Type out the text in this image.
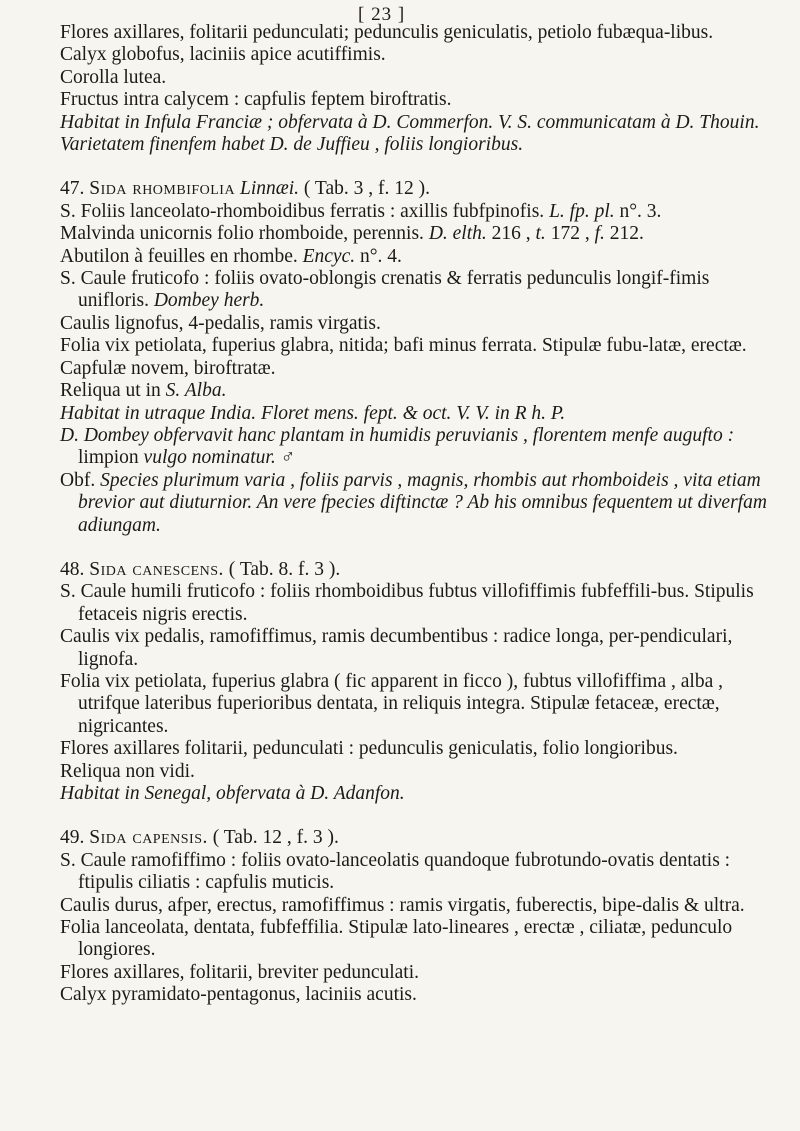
[ 23 ]
Flores axillares, folitarii pedunculati; pedunculis geniculatis, petiolo fubæqua-libus.
Calyx globofus, laciniis apice acutiffimis.
Corolla lutea.
Fructus intra calycem : capfulis feptem biroftratis.
Habitat in Infula Franciæ ; obfervata à D. Commerfon. V. S. communicatam à D. Thouin.
Varietatem finenfem habet D. de Juffieu , foliis longioribus.
47. Sida rhombifolia Linnæi. ( Tab. 3 , f. 12 ).
S. Foliis lanceolato-rhomboidibus ferratis : axillis fubfpinofis. L. fp. pl. n°. 3.
Malvinda unicornis folio rhomboide, perennis. D. elth. 216 , t. 172 , f. 212.
Abutilon à feuilles en rhombe. Encyc. n°. 4.
S. Caule fruticofo : foliis ovato-oblongis crenatis & ferratis pedunculis longif-fimis unifloris. Dombey herb.
Caulis lignofus, 4-pedalis, ramis virgatis.
Folia vix petiolata, fuperius glabra, nitida; bafi minus ferrata. Stipulæ fubu-latæ, erectæ.
Capfulæ novem, biroftratæ.
Reliqua ut in S. Alba.
Habitat in utraque India. Floret mens. fept. & oct. V. V. in R h. P.
D. Dombey obfervavit hanc plantam in humidis peruvianis , florentem menfe augufto : limpion vulgo nominatur. ♂
Obf. Species plurimum varia , foliis parvis , magnis, rhombis aut rhomboideis , vita etiam brevior aut diuturnior. An vere fpecies diftinctæ ? Ab his omnibus fequentem ut diverfam adiungam.
48. Sida canescens. ( Tab. 8. f. 3 ).
S. Caule humili fruticofo : foliis rhomboidibus fubtus villofiffimis fubfeffili-bus. Stipulis fetaceis nigris erectis.
Caulis vix pedalis, ramofiffimus, ramis decumbentibus : radice longa, per-pendiculari, lignofa.
Folia vix petiolata, fuperius glabra ( fic apparent in ficco ), fubtus villofiffima , alba , utrifque lateribus fuperioribus dentata, in reliquis integra. Stipulæ fetaceæ, erectæ, nigricantes.
Flores axillares folitarii, pedunculati : pedunculis geniculatis, folio longioribus.
Reliqua non vidi.
Habitat in Senegal, obfervata à D. Adanfon.
49. Sida capensis. ( Tab. 12 , f. 3 ).
S. Caule ramofiffimo : foliis ovato-lanceolatis quandoque fubrotundo-ovatis dentatis : ftipulis ciliatis : capfulis muticis.
Caulis durus, afper, erectus, ramofiffimus : ramis virgatis, fuberectis, bipe-dalis & ultra.
Folia lanceolata, dentata, fubfeffilia. Stipulæ lato-lineares , erectæ , ciliatæ, pedunculo longiores.
Flores axillares, folitarii, breviter pedunculati.
Calyx pyramidato-pentagonus, laciniis acutis.
